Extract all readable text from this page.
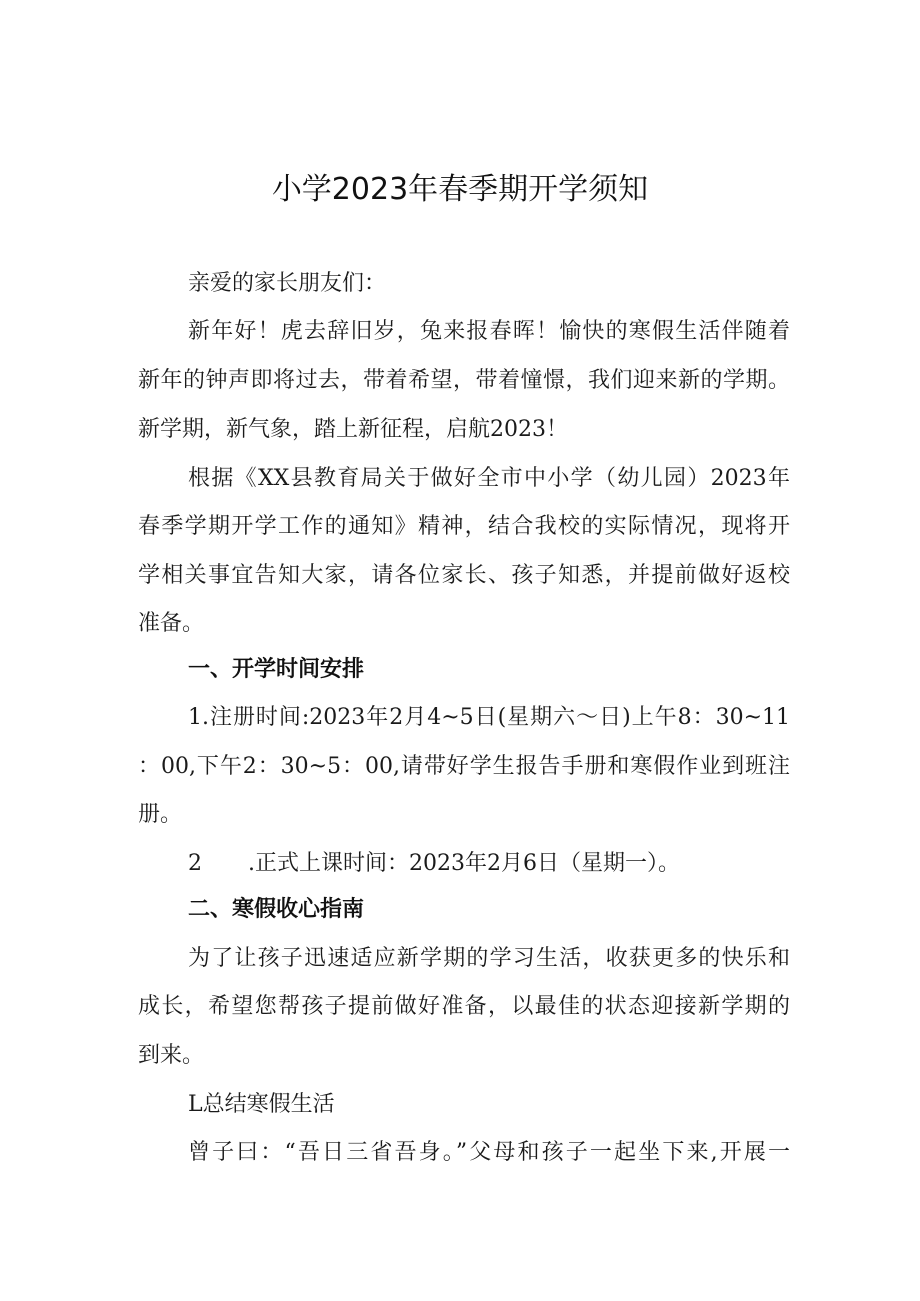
小学2023年春季期开学须知

亲爱的家长朋友们：

新年好！虎去辞旧岁，兔来报春晖！愉快的寒假生活伴随着

新年的钟声即将过去，带着希望，带着憧憬，我们迎来新的学期。

新学期，新气象，踏上新征程，启航2023！

根据《XX县教育局关于做好全市中小学（幼儿园）2023年

春季学期开学工作的通知》精神，结合我校的实际情况，现将开

学相关事宜告知大家，请各位家长、孩子知悉，并提前做好返校

准备。

一、开学时间安排

1.注册时间:2023年2月4~5日(星期六～日)上午8：30~11

：00,下午2：30~5：00,请带好学生报告手册和寒假作业到班注

册。

2 .正式上课时间：2023年2月6日（星期一）。

二、寒假收心指南

为了让孩子迅速适应新学期的学习生活，收获更多的快乐和

成长，希望您帮孩子提前做好准备，以最佳的状态迎接新学期的

到来。

L总结寒假生活

曾子曰：“吾日三省吾身。”父母和孩子一起坐下来,开展一
